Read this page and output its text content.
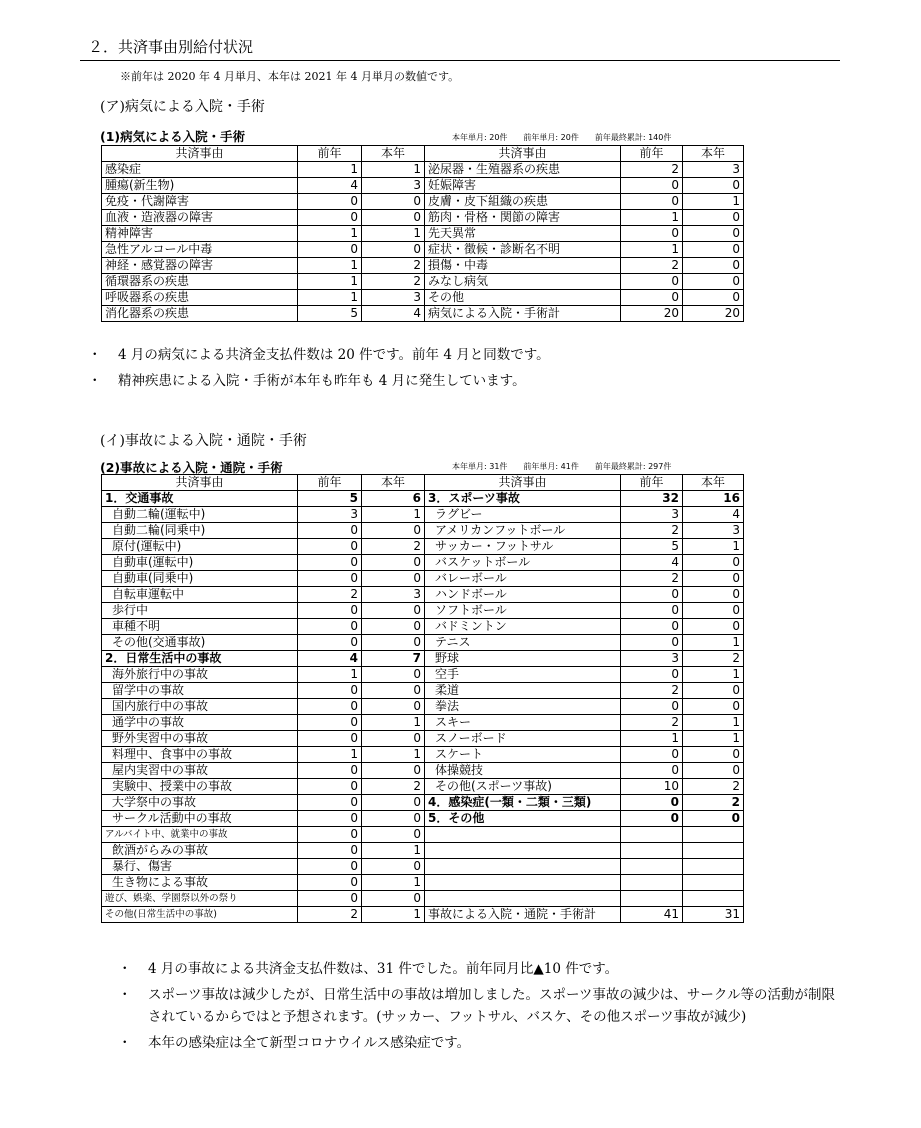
２．共済事由別給付状況
※前年は 2020 年 4 月単月、本年は 2021 年 4 月単月の数値です。
(ア)病気による入院・手術
(1)病気による入院・手術	本年単月: 20件　　前年単月: 20件　　前年最終累計: 140件
共済事由	前年	本年	共済事由	前年	本年
感染症	1	1	泌尿器・生殖器系の疾患	2	3
腫瘍(新生物)	4	3	妊娠障害	0	0
免疫・代謝障害	0	0	皮膚・皮下組織の疾患	0	1
血液・造液器の障害	0	0	筋肉・骨格・関節の障害	1	0
精神障害	1	1	先天異常	0	0
急性アルコール中毒	0	0	症状・徴候・診断名不明	1	0
神経・感覚器の障害	1	2	損傷・中毒	2	0
循環器系の疾患	1	2	みなし病気	0	0
呼吸器系の疾患	1	3	その他	0	0
消化器系の疾患	5	4	病気による入院・手術計	20	20
・	4 月の病気による共済金支払件数は 20 件です。前年 4 月と同数です。
・	精神疾患による入院・手術が本年も昨年も 4 月に発生しています。
(イ)事故による入院・通院・手術
(2)事故による入院・通院・手術	本年単月: 31件　　前年単月: 41件　　前年最終累計: 297件
共済事由	前年	本年	共済事由	前年	本年
1．交通事故	5	6	3．スポーツ事故	32	16
自動二輪(運転中)	3	1	ラグビー	3	4
自動二輪(同乗中)	0	0	アメリカンフットボール	2	3
原付(運転中)	0	2	サッカー・フットサル	5	1
自動車(運転中)	0	0	バスケットボール	4	0
自動車(同乗中)	0	0	バレーボール	2	0
自転車運転中	2	3	ハンドボール	0	0
歩行中	0	0	ソフトボール	0	0
車種不明	0	0	バドミントン	0	0
その他(交通事故)	0	0	テニス	0	1
2．日常生活中の事故	4	7	野球	3	2
海外旅行中の事故	1	0	空手	0	1
留学中の事故	0	0	柔道	2	0
国内旅行中の事故	0	0	拳法	0	0
通学中の事故	0	1	スキー	2	1
野外実習中の事故	0	0	スノーボード	1	1
料理中、食事中の事故	1	1	スケート	0	0
屋内実習中の事故	0	0	体操競技	0	0
実験中、授業中の事故	0	2	その他(スポーツ事故)	10	2
大学祭中の事故	0	0	4．感染症(一類・二類・三類)	0	2
サークル活動中の事故	0	0	5．その他	0	0
アルバイト中、就業中の事故	0	0			
飲酒がらみの事故	0	1			
暴行、傷害	0	0			
生き物による事故	0	1			
遊び、娯楽、学園祭以外の祭り	0	0			
その他(日常生活中の事故)	2	1	事故による入院・通院・手術計	41	31
・	4 月の事故による共済金支払件数は、31 件でした。前年同月比▲10 件です。
・	スポーツ事故は減少したが、日常生活中の事故は増加しました。スポーツ事故の減少は、サークル等の活動が制限されているからではと予想されます。(サッカー、フットサル、バスケ、その他スポーツ事故が減少)
・	本年の感染症は全て新型コロナウイルス感染症です。
